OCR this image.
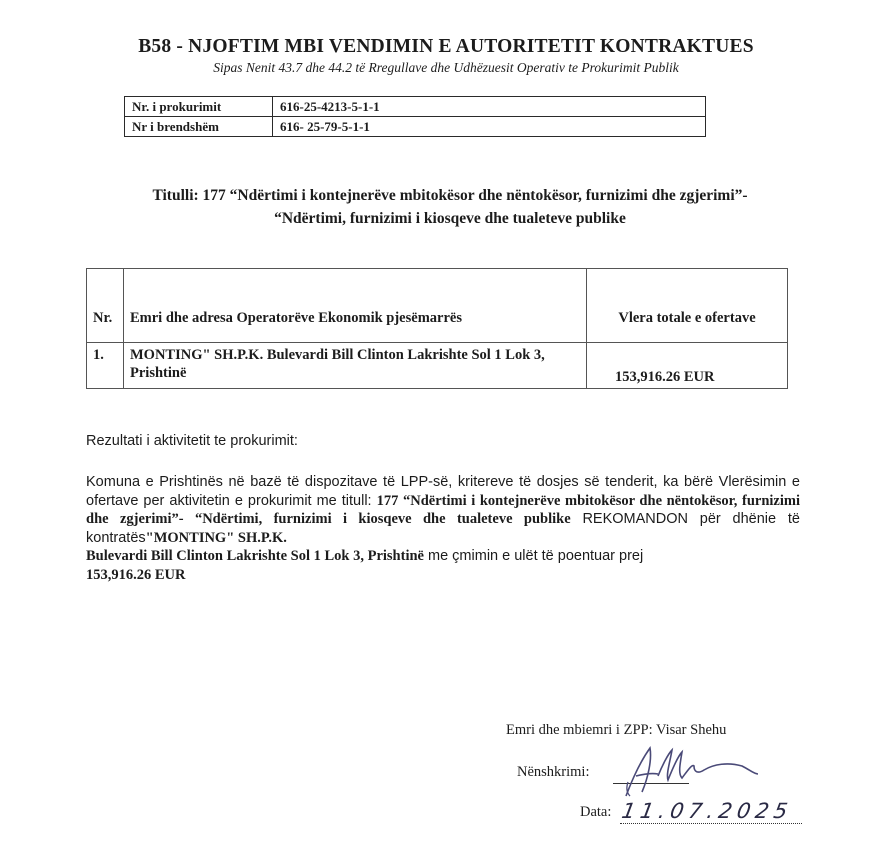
B58 - NJOFTIM MBI VENDIMIN E AUTORITETIT KONTRAKTUES
Sipas Nenit 43.7 dhe 44.2 të Rregullave dhe Udhëzuesit Operativ te Prokurimit Publik
Nr. i prokurimit	616-25-4213-5-1-1
Nr i brendshëm	616- 25-79-5-1-1
Titulli: 177 “Ndërtimi i kontejnerëve mbitokësor dhe nëntokësor, furnizimi dhe zgjerimi”-
“Ndërtimi, furnizimi i kiosqeve dhe tualeteve publike
Nr.	Emri dhe adresa Operatorëve Ekonomik pjesëmarrës	Vlera totale e ofertave
1.	MONTING" SH.P.K. Bulevardi Bill Clinton Lakrishte Sol 1 Lok 3, Prishtinë	153,916.26 EUR
Rezultati i aktivitetit te prokurimit:
Komuna e Prishtinës në bazë të dispozitave të LPP-së, kritereve të dosjes së tenderit, ka bërë Vlerësimin e ofertave per aktivitetin e prokurimit me titull: 177 “Ndërtimi i kontejnerëve mbitokësor dhe nëntokësor, furnizimi dhe zgjerimi”- “Ndërtimi, furnizimi i kiosqeve dhe tualeteve publike REKOMANDON për dhënie të kontratës"MONTING" SH.P.K.
Bulevardi Bill Clinton Lakrishte Sol 1 Lok 3, Prishtinë me çmimin e ulët të poentuar prej
153,916.26 EUR
Emri dhe mbiemri i ZPP: Visar Shehu
Nënshkrimi:
Data: 11.07.2025
